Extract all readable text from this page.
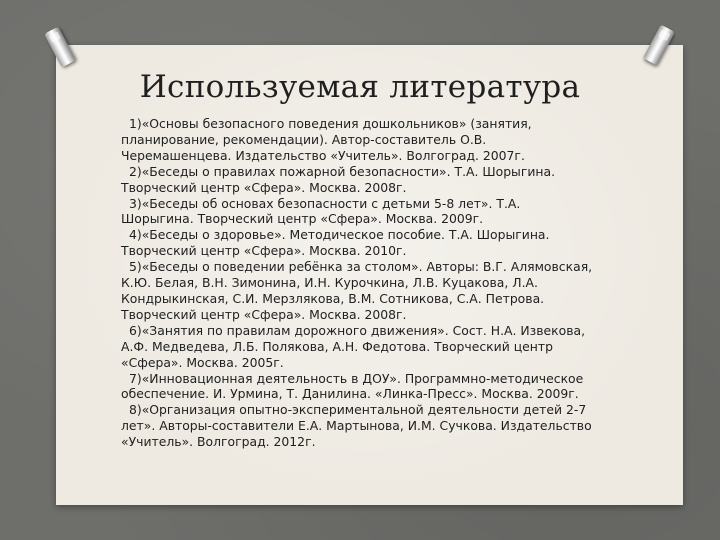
Используемая литература
1)«Основы безопасного поведения дошкольников» (занятия, планирование, рекомендации). Автор-составитель О.В. Черемашенцева. Издательство «Учитель». Волгоград. 2007г.
2)«Беседы о правилах пожарной безопасности». Т.А. Шорыгина. Творческий центр «Сфера». Москва. 2008г.
3)«Беседы об основах безопасности с детьми 5-8 лет». Т.А. Шорыгина. Творческий центр «Сфера». Москва. 2009г.
4)«Беседы о здоровье». Методическое пособие. Т.А. Шорыгина. Творческий центр «Сфера». Москва. 2010г.
5)«Беседы о поведении ребёнка за столом». Авторы: В.Г. Алямовская, К.Ю. Белая, В.Н. Зимонина, И.Н. Курочкина, Л.В. Куцакова, Л.А. Кондрыкинская, С.И. Мерзлякова, В.М. Сотникова, С.А. Петрова. Творческий центр «Сфера». Москва. 2008г.
6)«Занятия по правилам дорожного движения». Сост. Н.А. Извекова, А.Ф. Медведева, Л.Б. Полякова, А.Н. Федотова. Творческий центр «Сфера». Москва. 2005г.
7)«Инновационная деятельность в ДОУ». Программно-методическое обеспечение. И. Урмина, Т. Данилина. «Линка-Пресс». Москва. 2009г.
8)«Организация опытно-экспериментальной деятельности детей 2-7 лет». Авторы-составители Е.А. Мартынова, И.М. Сучкова. Издательство «Учитель». Волгоград. 2012г.
